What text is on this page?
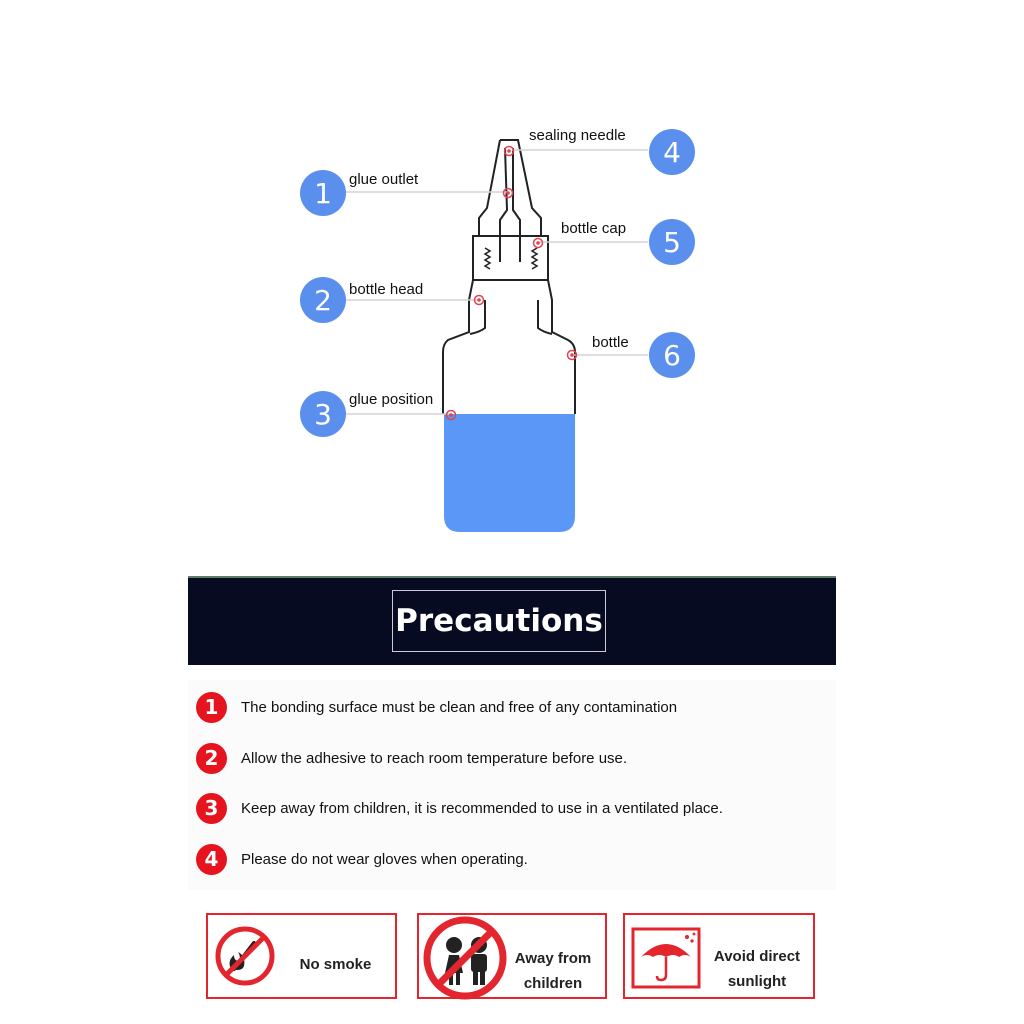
1	glue outlet
2	bottle head
3	glue position
4
sealing needle
5
bottle cap
6
bottle
Precautions
1	The bonding surface must be clean and free of any contamination
2	Allow the adhesive to reach room temperature before use.
3	Keep away from children, it is recommended to use in a ventilated place.
4	Please do not wear gloves when operating.
No smoke	Away from
children
Avoid direct
sunlight
